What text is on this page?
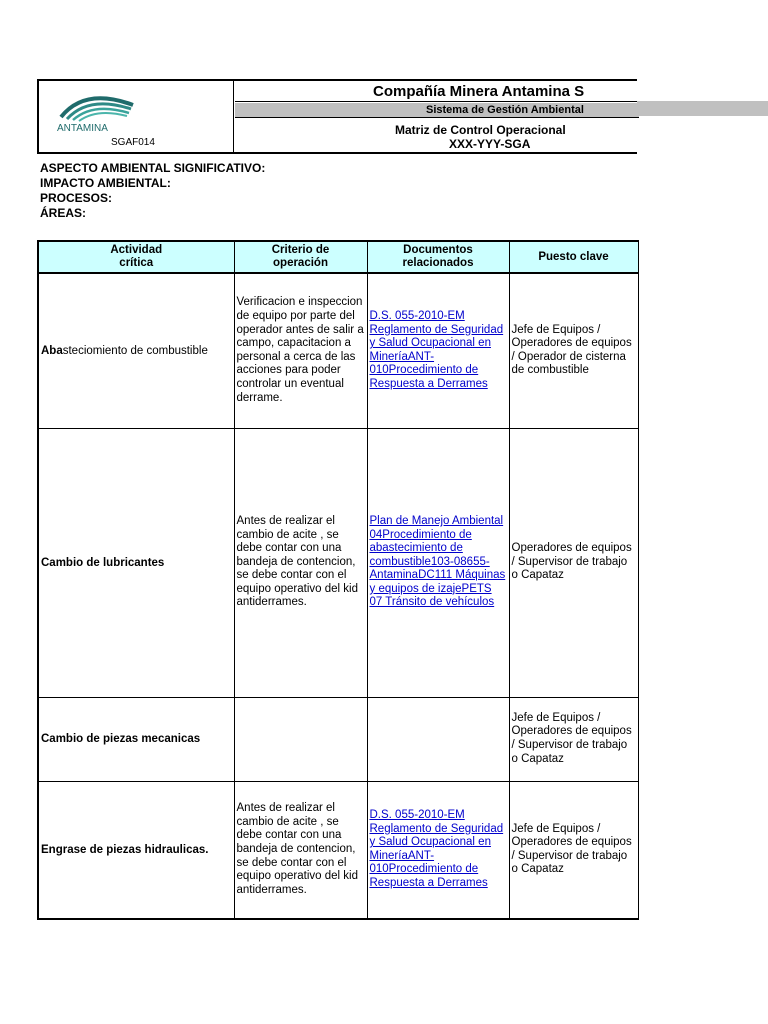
ANTAMINA
SGAF014
Compañía Minera Antamina S
Sistema de Gestión Ambiental
Matriz de Control Operacional
XXX-YYY-SGA
ASPECTO AMBIENTAL SIGNIFICATIVO:
IMPACTO AMBIENTAL:
PROCESOS:
ÁREAS:
Actividad crítica	Criterio de operación	Documentos relacionados	Puesto clave
Abasteciomiento de combustible	Verificacion e inspeccion de equipo por parte del operador antes de salir a campo, capacitacion a personal a cerca de las acciones para poder controlar un eventual derrame.	D.S. 055-2010-EM Reglamento de Seguridad y Salud Ocupacional en MineríaANT-010Procedimiento de Respuesta a Derrames	Jefe de Equipos / Operadores de equipos / Operador de cisterna de combustible
Cambio de lubricantes	Antes de realizar el cambio de acite , se debe contar con una bandeja de contencion, se debe contar con el equipo operativo del kid antiderrames.	Plan de Manejo Ambiental 04Procedimiento de abastecimiento de combustible103-08655-AntaminaDC111 Máquinas y equipos de izajePETS 07 Tránsito de vehículos	Operadores de equipos / Supervisor de trabajo o Capataz
Cambio de piezas mecanicas			Jefe de Equipos / Operadores de equipos / Supervisor de trabajo o Capataz
Engrase de piezas hidraulicas.	Antes de realizar el cambio de acite , se debe contar con una bandeja de contencion, se debe contar con el equipo operativo del kid antiderrames.	D.S. 055-2010-EM Reglamento de Seguridad y Salud Ocupacional en MineríaANT-010Procedimiento de Respuesta a Derrames	Jefe de Equipos / Operadores de equipos / Supervisor de trabajo o Capataz
